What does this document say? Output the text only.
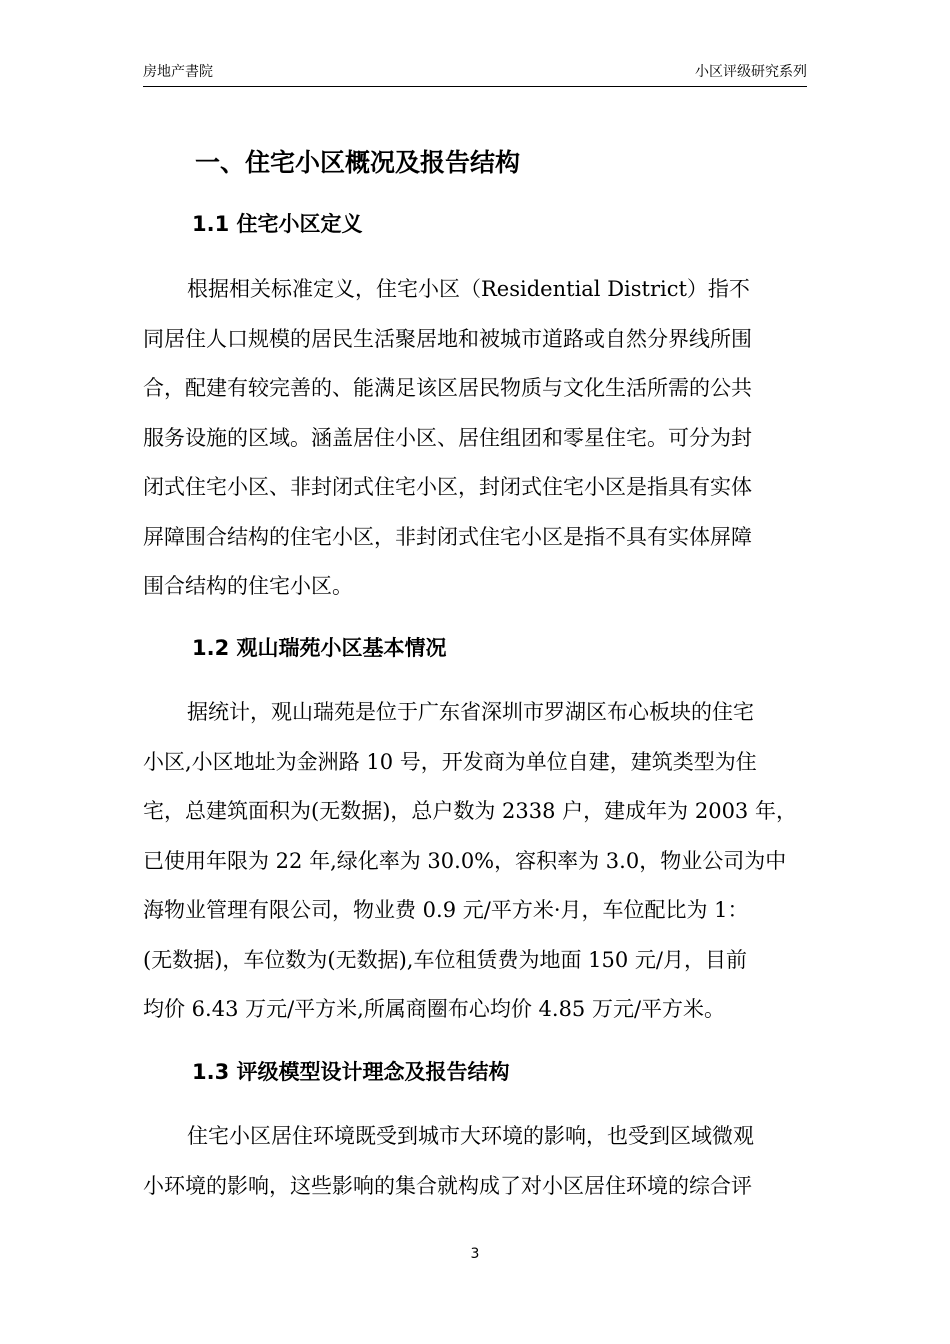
房地产書院	小区评级研究系列
一、住宅小区概况及报告结构
1.1 住宅小区定义
根据相关标准定义，住宅小区（Residential District）指不
同居住人口规模的居民生活聚居地和被城市道路或自然分界线所围
合，配建有较完善的、能满足该区居民物质与文化生活所需的公共
服务设施的区域。涵盖居住小区、居住组团和零星住宅。可分为封
闭式住宅小区、非封闭式住宅小区，封闭式住宅小区是指具有实体
屏障围合结构的住宅小区，非封闭式住宅小区是指不具有实体屏障
围合结构的住宅小区。
1.2 观山瑞苑小区基本情况
据统计，观山瑞苑是位于广东省深圳市罗湖区布心板块的住宅
小区,小区地址为金洲路 10 号，开发商为单位自建，建筑类型为住
宅，总建筑面积为(无数据)，总户数为 2338 户，建成年为 2003 年，
已使用年限为 22 年,绿化率为 30.0%，容积率为 3.0，物业公司为中
海物业管理有限公司，物业费 0.9 元/平方米·月，车位配比为 1：
(无数据)，车位数为(无数据),车位租赁费为地面 150 元/月，目前
均价 6.43 万元/平方米,所属商圈布心均价 4.85 万元/平方米。
1.3 评级模型设计理念及报告结构
住宅小区居住环境既受到城市大环境的影响，也受到区域微观
小环境的影响，这些影响的集合就构成了对小区居住环境的综合评
3
